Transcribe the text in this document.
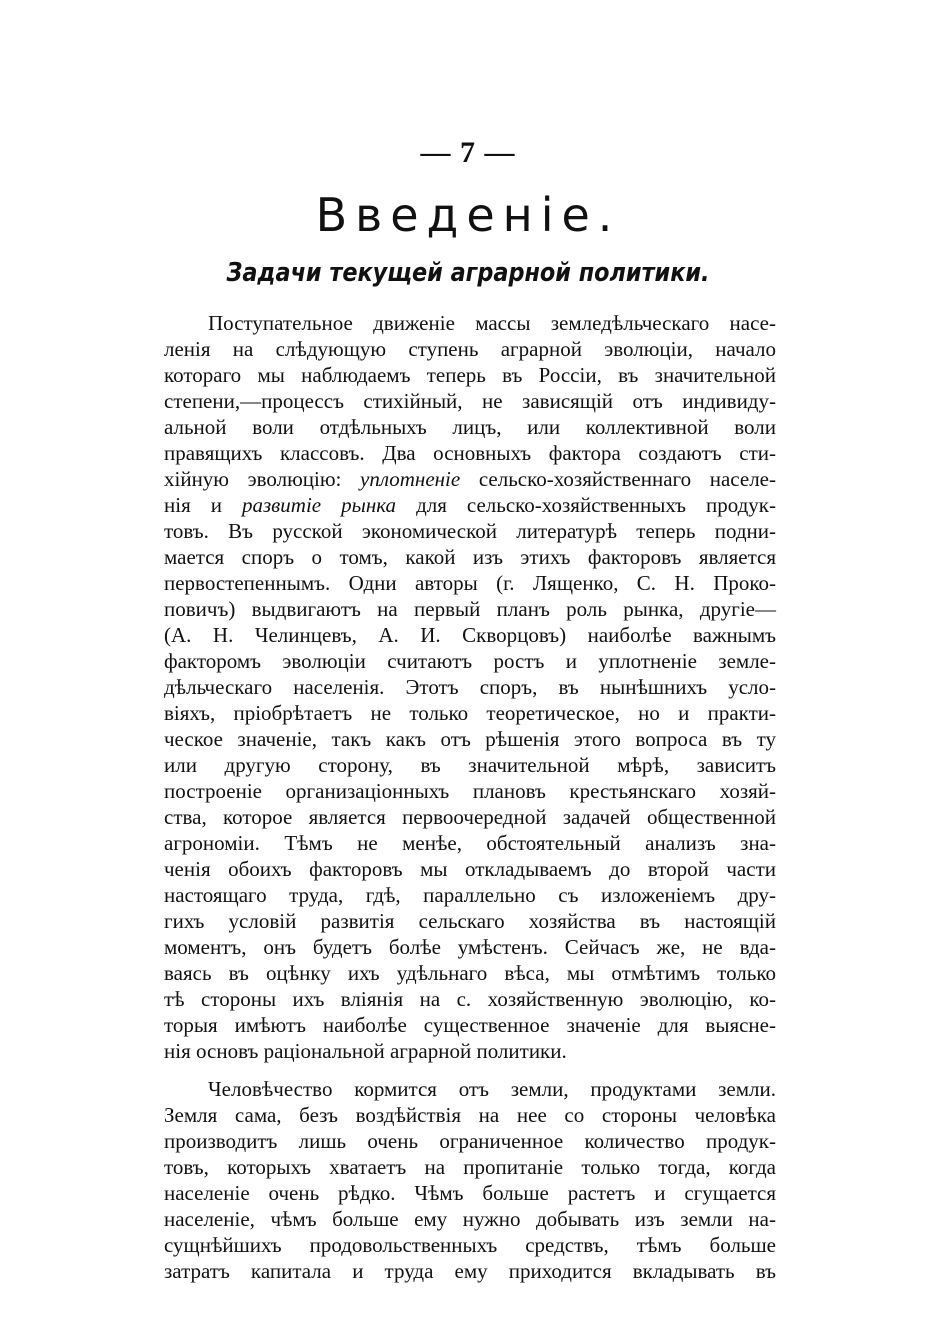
— 7 —
Введенiе.
Задачи текущей аграрной политики.
Поступательное движенiе массы земледѣльческаго насе-
ленiя на слѣдующую ступень аграрной эволюцiи, начало
котораго мы наблюдаемъ теперь въ Россiи, въ значительной
степени,—процессъ стихiйный, не зависящiй отъ индивиду-
альной воли отдѣльныхъ лицъ, или коллективной воли
правящихъ классовъ. Два основныхъ фактора создаютъ сти-
хiйную эволюцiю: уплотненiе сельско-хозяйственнаго населе-
нiя и развитiе рынка для сельско-хозяйственныхъ продук-
товъ. Въ русской экономической литературѣ теперь подни-
мается споръ о томъ, какой изъ этихъ факторовъ является
первостепеннымъ. Одни авторы (г. Лященко, С. Н. Проко-
повичъ) выдвигаютъ на первый планъ роль рынка, другiе—
(А. Н. Челинцевъ, А. И. Скворцовъ) наиболѣе важнымъ
факторомъ эволюцiи считаютъ ростъ и уплотненiе земле-
дѣльческаго населенiя. Этотъ споръ, въ нынѣшнихъ усло-
вiяхъ, прiобрѣтаетъ не только теоретическое, но и практи-
ческое значенiе, такъ какъ отъ рѣшенiя этого вопроса въ ту
или другую сторону, въ значительной мѣрѣ, зависитъ
построенiе организацiонныхъ плановъ крестьянскаго хозяй-
ства, которое является первоочередной задачей общественной
агрономiи. Тѣмъ не менѣе, обстоятельный анализъ зна-
ченiя обоихъ факторовъ мы откладываемъ до второй части
настоящаго труда, гдѣ, параллельно съ изложенiемъ дру-
гихъ условiй развитiя сельскаго хозяйства въ настоящiй
моментъ, онъ будетъ болѣе умѣстенъ. Сейчасъ же, не вда-
ваясь въ оцѣнку ихъ удѣльнаго вѣса, мы отмѣтимъ только
тѣ стороны ихъ влiянiя на с. хозяйственную эволюцiю, ко-
торыя имѣютъ наиболѣе существенное значенiе для выясне-
нiя основъ рацiональной аграрной политики.
Человѣчество кормится отъ земли, продуктами земли.
Земля сама, безъ воздѣйствiя на нее со стороны человѣка
производитъ лишь очень ограниченное количество продук-
товъ, которыхъ хватаетъ на пропитанiе только тогда, когда
населенiе очень рѣдко. Чѣмъ больше растетъ и сгущается
населенiе, чѣмъ больше ему нужно добывать изъ земли на-
сущнѣйшихъ продовольственныхъ средствъ, тѣмъ больше
затратъ капитала и труда ему приходится вкладывать въ
